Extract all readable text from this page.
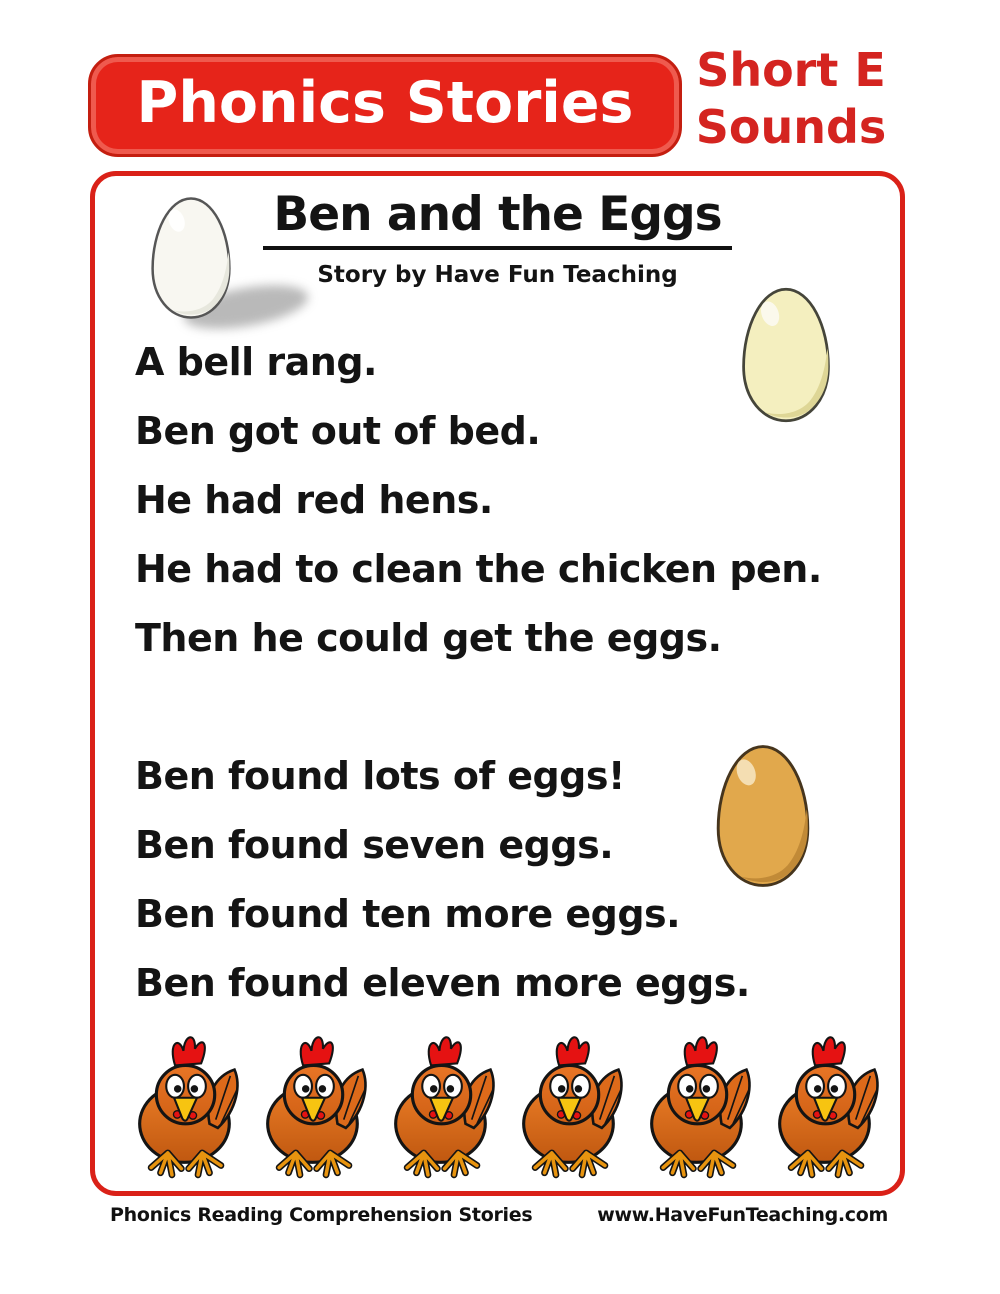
Phonics Stories Short E
Sounds
Ben and the Eggs
Story by Have Fun Teaching
A bell rang.
Ben got out of bed.
He had red hens.
He had to clean the chicken pen.
Then he could get the eggs.
Ben found lots of eggs!
Ben found seven eggs.
Ben found ten more eggs.
Ben found eleven more eggs.
Phonics Reading Comprehension Stories	www.HaveFunTeaching.com
